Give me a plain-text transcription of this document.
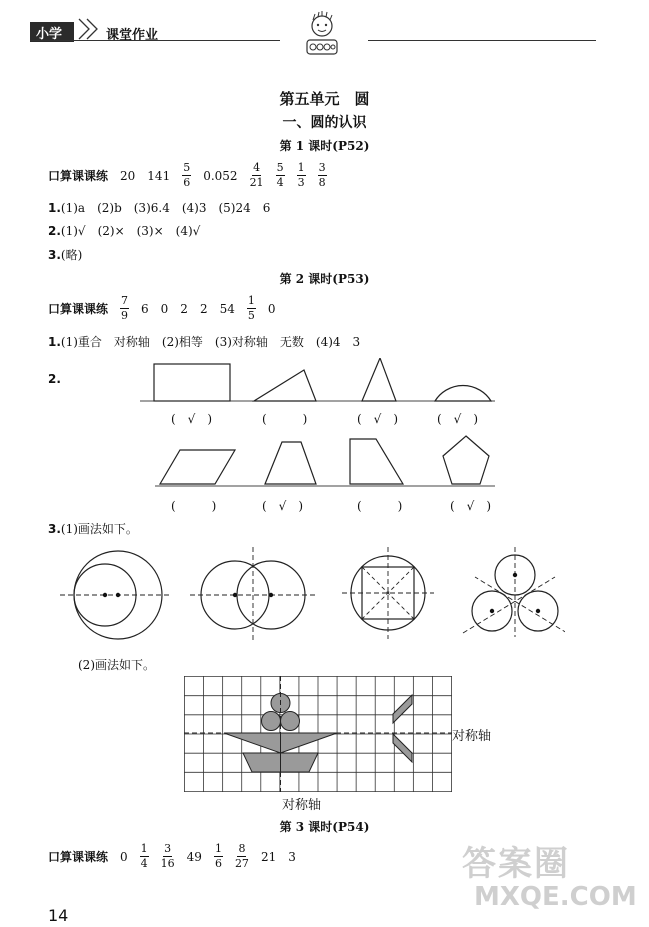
小学	课堂作业
第五单元　圆
一、圆的认识
第 1 课时(P52)
口算课课练 20 $141 \frac{5}{6} 0.052 \frac{4}{21} \frac{5}{4} \frac{1}{3} \frac{3}{8}$
1.(1)a　(2)b　(3)6.4　(4)3　(5)24　6
2.(1)√　(2)×　(3)×　(4)√
3.(略)
第 2 课时(P53)
口算课课练 $\frac{7}{9} 6$ 0 2 2 $54 \frac{1}{5} 0$
1.(1)重合　对称轴　(2)相等　(3)对称轴　无数　(4)4　3
2.
(　√　)	(　　　)	(　√　)	(　√　)
(　　　)	(　√　)	(　　　)	(　√　)
3.(1)画法如下。
(2)画法如下。
对称轴
对称轴
第 3 课时(P54)
口算课课练 $0 \frac{1}{4} \frac{3}{16} 49 \frac{1}{6} \frac{8}{27} 21$ 3	答案圈
MXQE.COM
14
